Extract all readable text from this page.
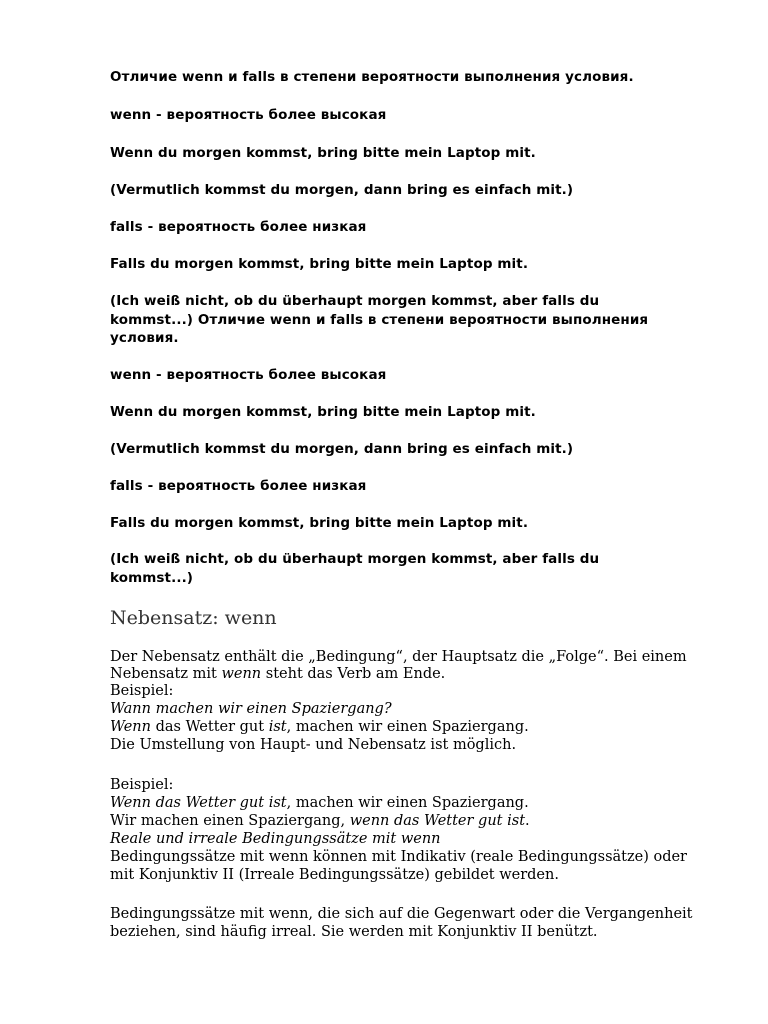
Отличие wenn и falls в степени вероятности выполнения условия.

wenn - вероятность более высокая

Wenn du morgen kommst, bring bitte mein Laptop mit.

(Vermutlich kommst du morgen, dann bring es einfach mit.)

falls - вероятность более низкая

Falls du morgen kommst, bring bitte mein Laptop mit.

(Ich weiß nicht, ob du überhaupt morgen kommst, aber falls du

kommst...) Отличие wenn и falls в степени вероятности выполнения

условия.

wenn - вероятность более высокая

Wenn du morgen kommst, bring bitte mein Laptop mit.

(Vermutlich kommst du morgen, dann bring es einfach mit.)

falls - вероятность более низкая

Falls du morgen kommst, bring bitte mein Laptop mit.

(Ich weiß nicht, ob du überhaupt morgen kommst, aber falls du

kommst...)

Nebensatz: wenn

Der Nebensatz enthält die „Bedingung“, der Hauptsatz die „Folge“. Bei einem

Nebensatz mit wenn steht das Verb am Ende.

Beispiel:

Wann machen wir einen Spaziergang?

Wenn das Wetter gut ist, machen wir einen Spaziergang.

Die Umstellung von Haupt- und Nebensatz ist möglich.

Beispiel:

Wenn das Wetter gut ist, machen wir einen Spaziergang.

Wir machen einen Spaziergang, wenn das Wetter gut ist.

Reale und irreale Bedingungssätze mit wenn

Bedingungssätze mit wenn können mit Indikativ (reale Bedingungssätze) oder

mit Konjunktiv II (Irreale Bedingungssätze) gebildet werden.

Bedingungssätze mit wenn, die sich auf die Gegenwart oder die Vergangenheit

beziehen, sind häufig irreal. Sie werden mit Konjunktiv II benützt.
